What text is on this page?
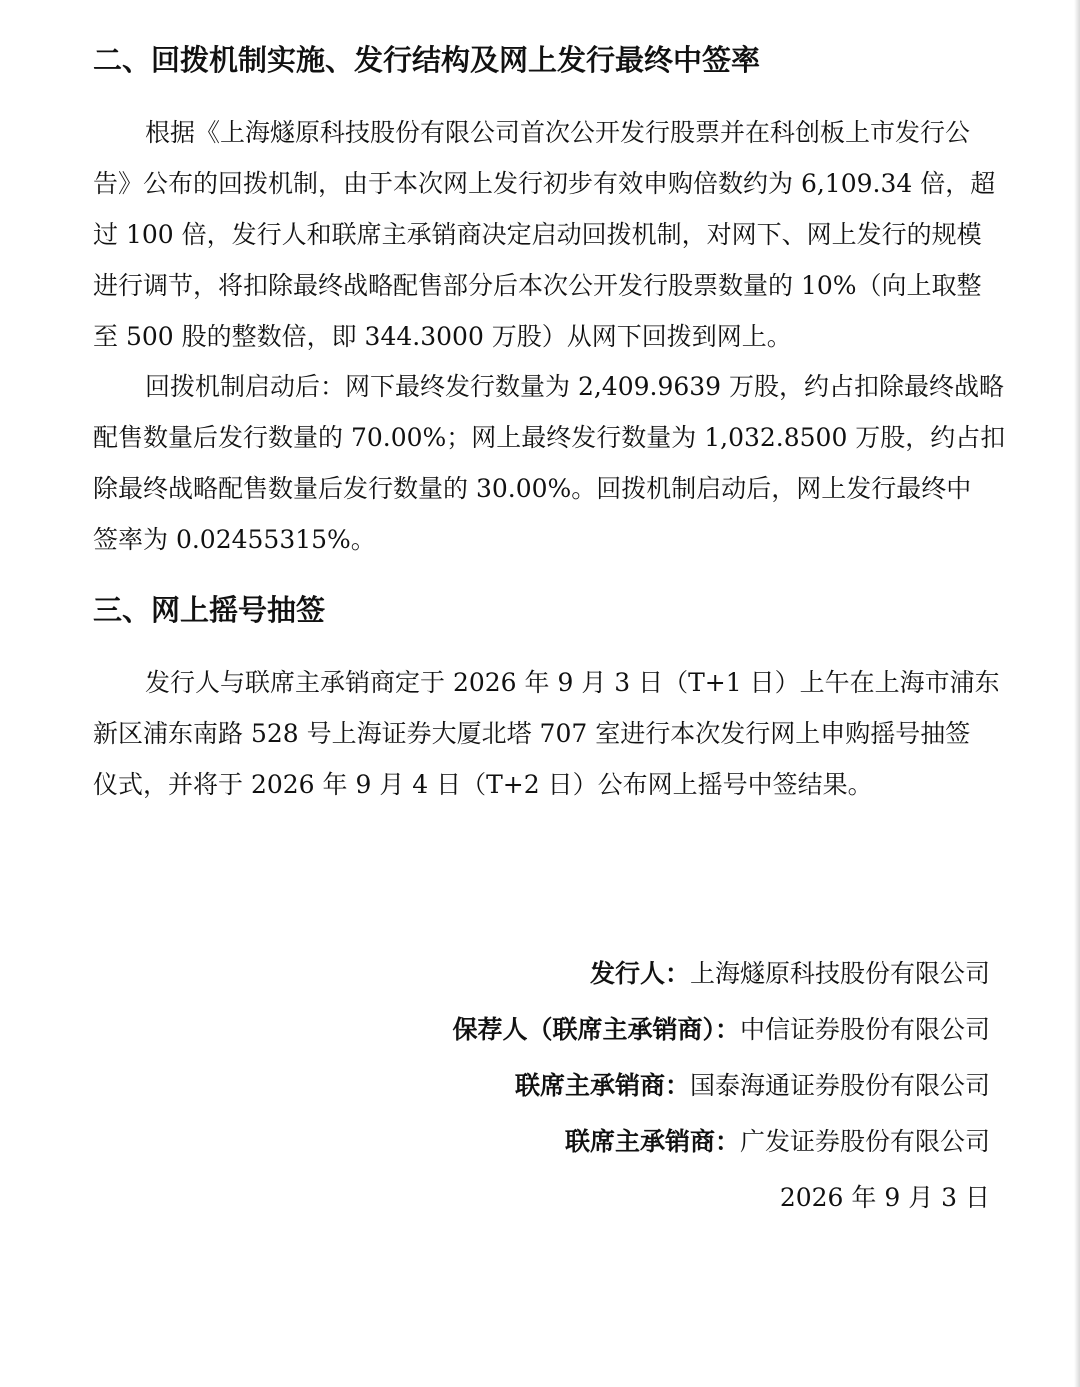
二、回拨机制实施、发行结构及网上发行最终中签率
根据《上海燧原科技股份有限公司首次公开发行股票并在科创板上市发行公
告》公布的回拨机制，由于本次网上发行初步有效申购倍数约为 6,109.34 倍，超
过 100 倍，发行人和联席主承销商决定启动回拨机制，对网下、网上发行的规模
进行调节，将扣除最终战略配售部分后本次公开发行股票数量的 10%（向上取整
至 500 股的整数倍，即 344.3000 万股）从网下回拨到网上。
回拨机制启动后：网下最终发行数量为 2,409.9639 万股，约占扣除最终战略
配售数量后发行数量的 70.00%；网上最终发行数量为 1,032.8500 万股，约占扣
除最终战略配售数量后发行数量的 30.00%。回拨机制启动后，网上发行最终中
签率为 0.02455315%。
三、网上摇号抽签
发行人与联席主承销商定于 2026 年 9 月 3 日（T+1 日）上午在上海市浦东
新区浦东南路 528 号上海证券大厦北塔 707 室进行本次发行网上申购摇号抽签
仪式，并将于 2026 年 9 月 4 日（T+2 日）公布网上摇号中签结果。
发行人：上海燧原科技股份有限公司
保荐人（联席主承销商）：中信证券股份有限公司
联席主承销商：国泰海通证券股份有限公司
联席主承销商：广发证券股份有限公司
2026 年 9 月 3 日
